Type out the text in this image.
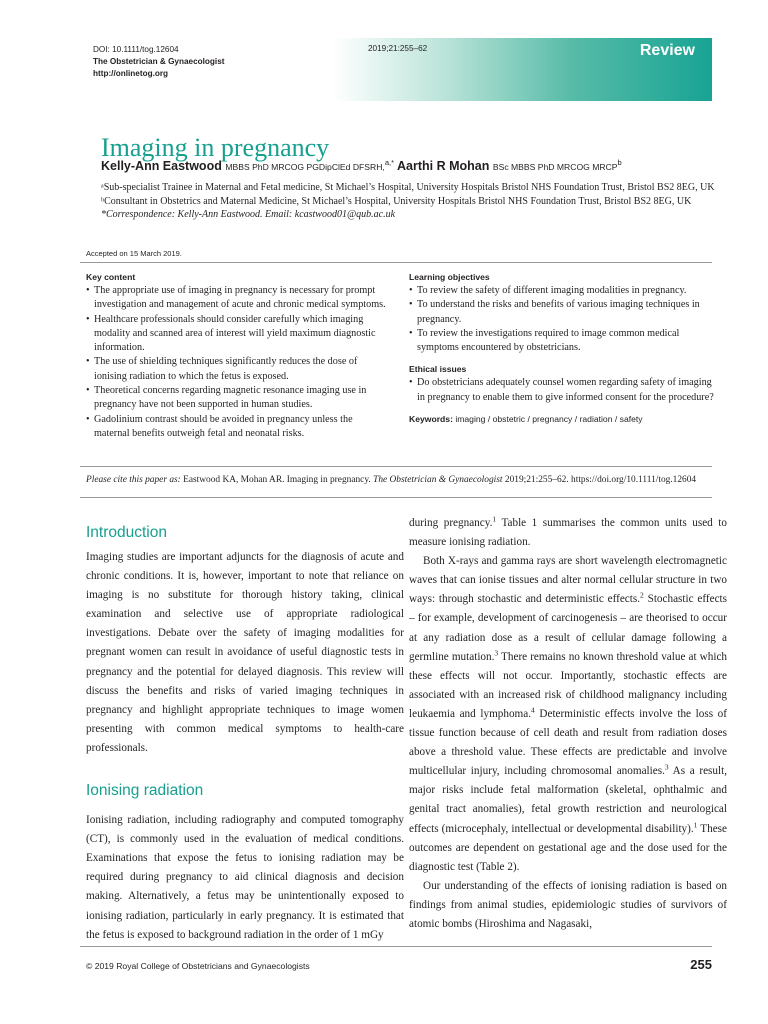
DOI: 10.1111/tog.12604
The Obstetrician & Gynaecologist
http://onlinetog.org
2019;21:255–62	Review
Imaging in pregnancy
Kelly-Ann Eastwood MBBS PhD MRCOG PGDipClEd DFSRH,$^{a,*}$ Aarthi R Mohan BSc MBBS PhD MRCOG MRCP$^b$

ᵃSub-specialist Trainee in Maternal and Fetal medicine, St Michael’s Hospital, University Hospitals Bristol NHS Foundation Trust, Bristol BS2 8EG, UK

ᵇConsultant in Obstetrics and Maternal Medicine, St Michael’s Hospital, University Hospitals Bristol NHS Foundation Trust, Bristol BS2 8EG, UK

*Correspondence: Kelly-Ann Eastwood. Email: kcastwood01@qub.ac.uk

Accepted on 15 March 2019.
Key content
• The appropriate use of imaging in pregnancy is necessary for prompt investigation and management of acute and chronic medical symptoms.
• Healthcare professionals should consider carefully which imaging modality and scanned area of interest will yield maximum diagnostic information.
• The use of shielding techniques significantly reduces the dose of ionising radiation to which the fetus is exposed.
• Theoretical concerns regarding magnetic resonance imaging use in pregnancy have not been supported in human studies.
• Gadolinium contrast should be avoided in pregnancy unless the maternal benefits outweigh fetal and neonatal risks.
Learning objectives
• To review the safety of different imaging modalities in pregnancy.
• To understand the risks and benefits of various imaging techniques in pregnancy.
• To review the investigations required to image common medical symptoms encountered by obstetricians.
Ethical issues
• Do obstetricians adequately counsel women regarding safety of imaging in pregnancy to enable them to give informed consent for the procedure?
Keywords: imaging / obstetric / pregnancy / radiation / safety
Please cite this paper as: Eastwood KA, Mohan AR. Imaging in pregnancy. The Obstetrician & Gynaecologist 2019;21:255–62. https://doi.org/10.1111/tog.12604
Introduction

Imaging studies are important adjuncts for the diagnosis of acute and chronic conditions. It is, however, important to note that reliance on imaging is no substitute for thorough history taking, clinical examination and selective use of appropriate radiological investigations. Debate over the safety of imaging modalities for pregnant women can result in avoidance of useful diagnostic tests in pregnancy and the potential for delayed diagnosis. This review will discuss the benefits and risks of varied imaging techniques in pregnancy and highlight appropriate techniques to image women presenting with common medical symptoms to health-care professionals.

Ionising radiation

Ionising radiation, including radiography and computed tomography (CT), is commonly used in the evaluation of medical conditions. Examinations that expose the fetus to ionising radiation may be required during pregnancy to aid clinical diagnosis and decision making. Alternatively, a fetus may be unintentionally exposed to ionising radiation, particularly in early pregnancy. It is estimated that the fetus is exposed to background radiation in the order of 1 mGy

during pregnancy.$^1$ Table 1 summarises the common units used to measure ionising radiation.

Both X-rays and gamma rays are short wavelength electromagnetic waves that can ionise tissues and alter normal cellular structure in two ways: through stochastic and deterministic effects.$^2$ Stochastic effects – for example, development of carcinogenesis – are theorised to occur at any radiation dose as a result of cellular damage following a germline mutation.$^3$ There remains no known threshold value at which these effects will not occur. Importantly, stochastic effects are associated with an increased risk of childhood malignancy including leukaemia and lymphoma.$^4$ Deterministic effects involve the loss of tissue function because of cell death and result from radiation doses above a threshold value. These effects are predictable and involve multicellular injury, including chromosomal anomalies.$^3$ As a result, major risks include fetal malformation (skeletal, ophthalmic and genital tract anomalies), fetal growth restriction and neurological effects (microcephaly, intellectual or developmental disability).$^1$ These outcomes are dependent on gestational age and the dose used for the diagnostic test (Table 2).

Our understanding of the effects of ionising radiation is based on findings from animal studies, epidemiologic studies of survivors of atomic bombs (Hiroshima and Nagasaki,

© 2019 Royal College of Obstetricians and Gynaecologists	255
